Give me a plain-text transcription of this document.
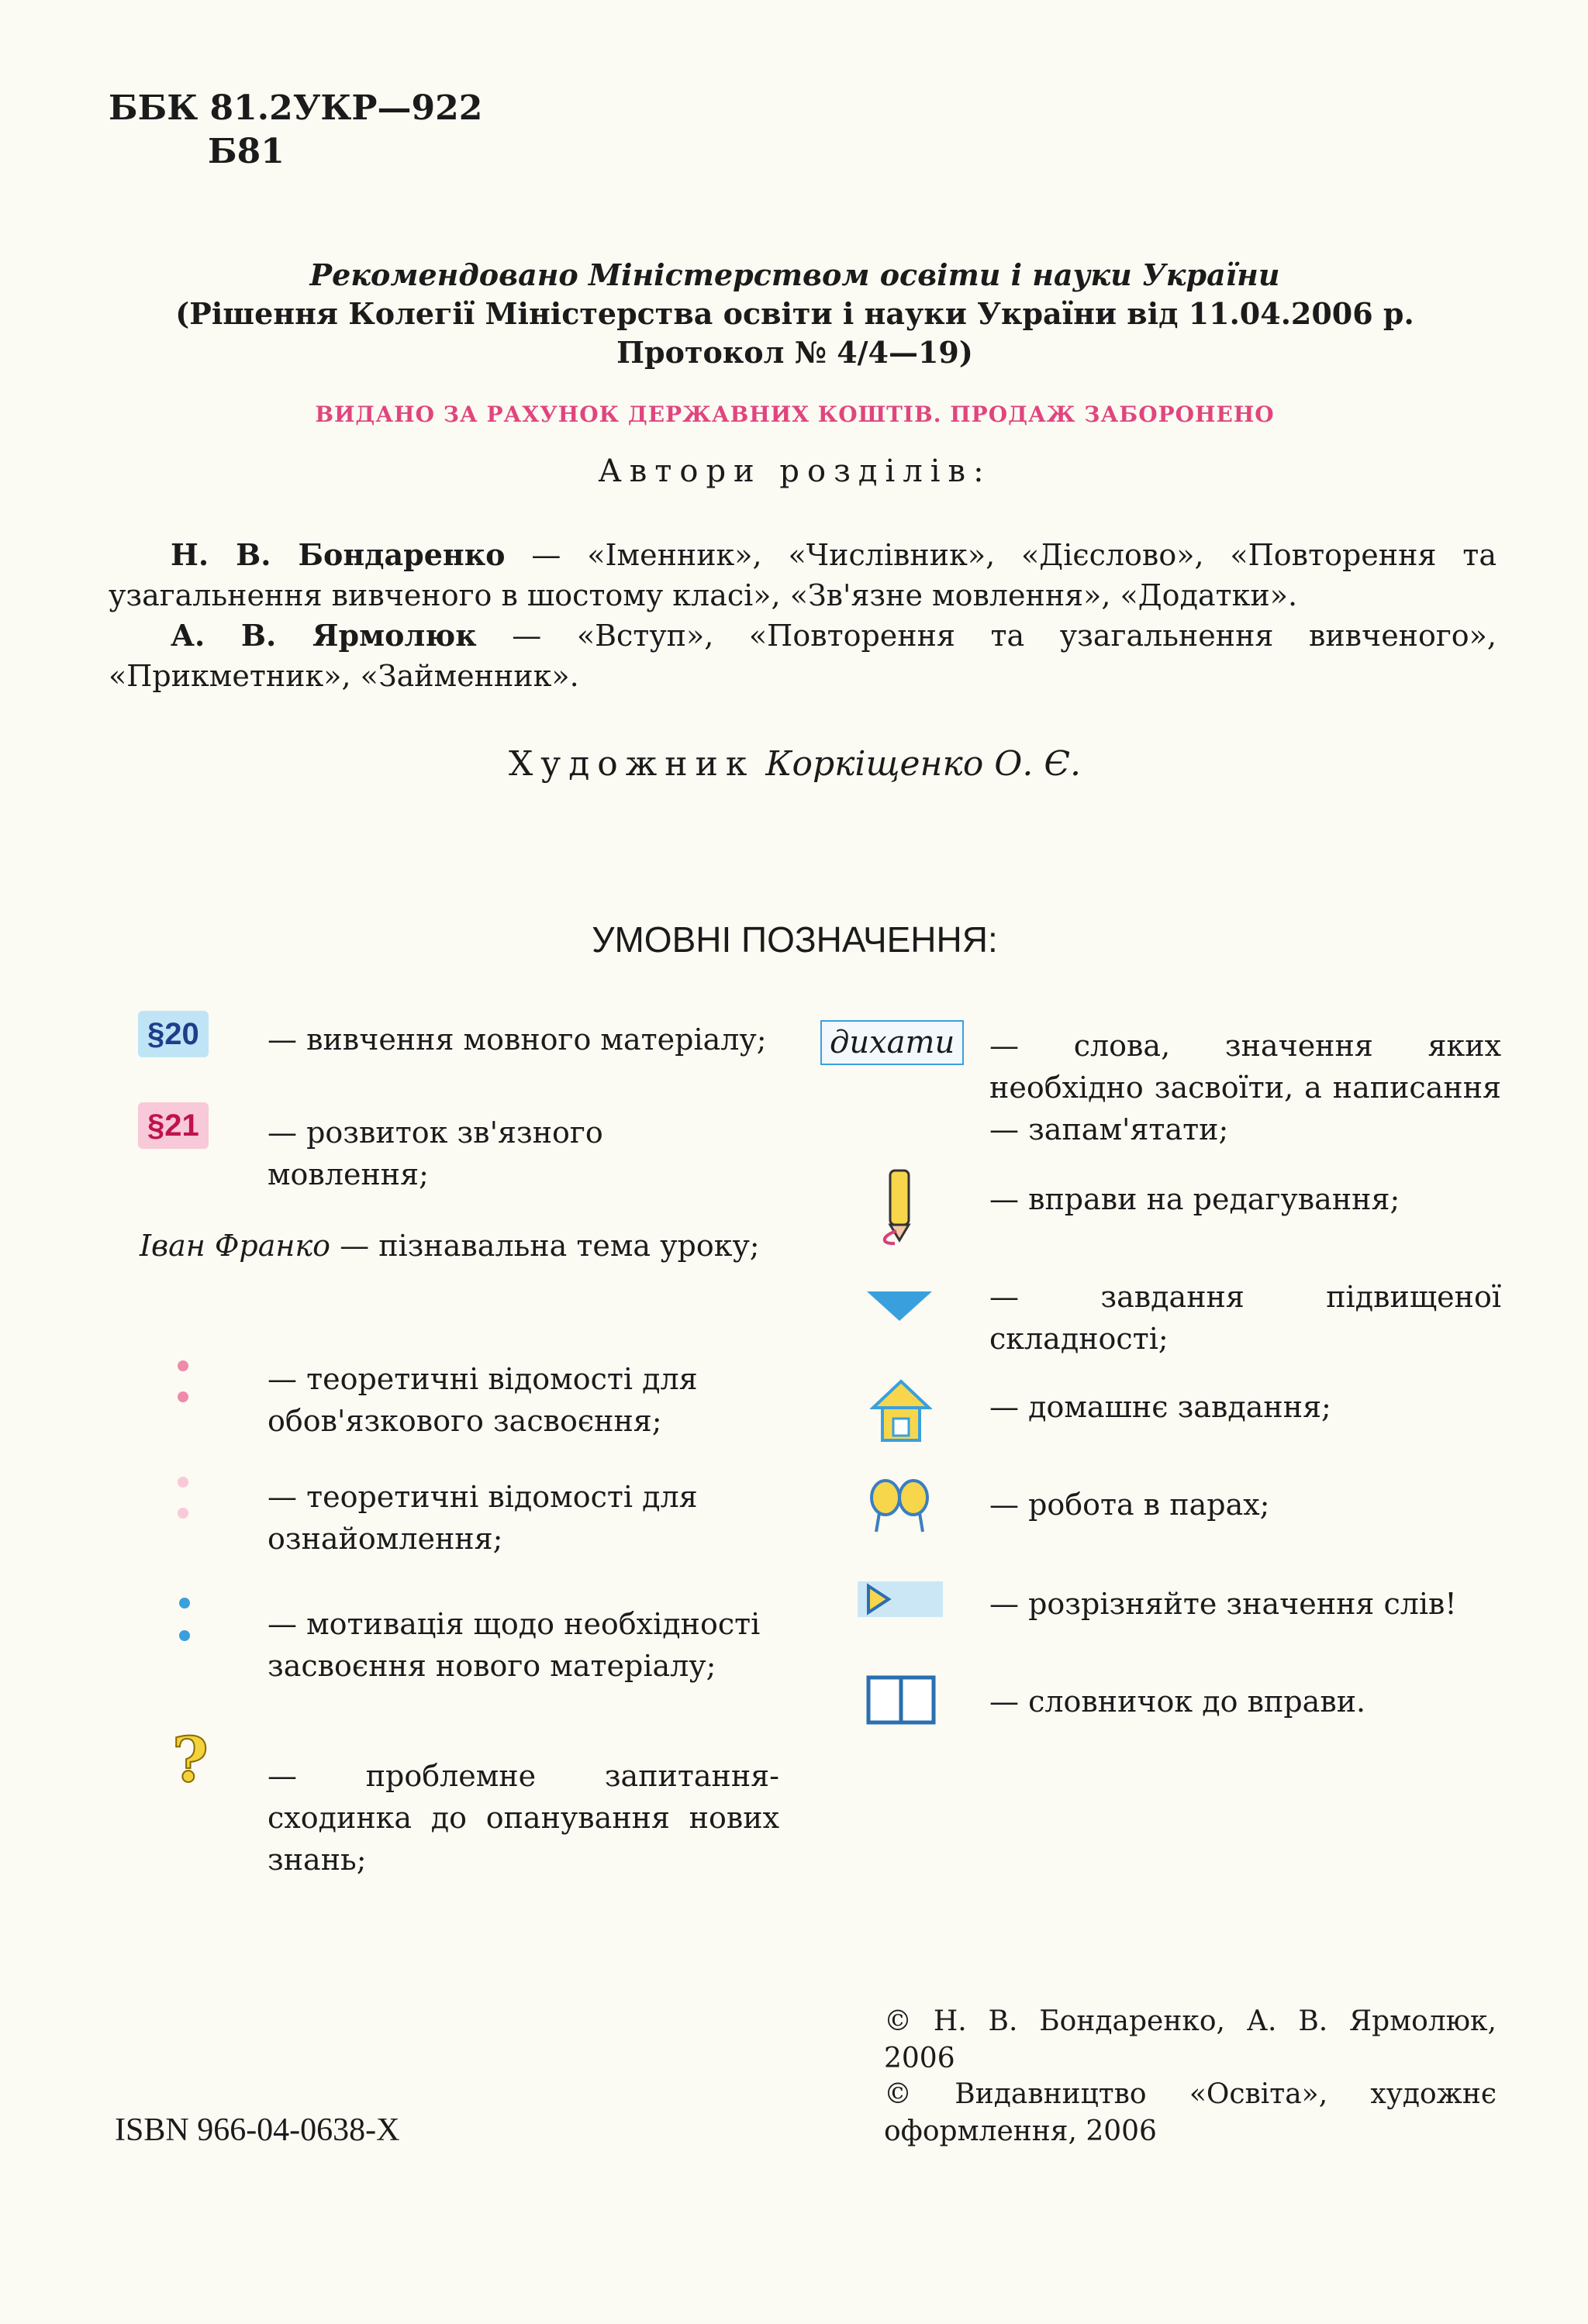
ББК 81.2УКР—922
Б81
Рекомендовано Міністерством освіти і науки України
(Рішення Колегії Міністерства освіти і науки України від 11.04.2006 р.
Протокол № 4/4—19)
ВИДАНО ЗА РАХУНОК ДЕРЖАВНИХ КОШТІВ. ПРОДАЖ ЗАБОРОНЕНО
Автори розділів:

Н. В. Бондаренко — «Іменник», «Числівник», «Дієслово», «Повторення та узагальнення вивченого в шостому класі», «Зв'язне мовлення», «Додатки».

А. В. Ярмолюк — «Вступ», «Повторення та узагальнення вивченого», «Прикметник», «Займенник».

Художник Коркіщенко О. Є.
УМОВНІ ПОЗНАЧЕННЯ:
§20	— вивчення мовного матеріалу;
§21	— розвиток зв'язного мовлення;
Іван Франко — пізнавальна тема уроку;
— теоретичні відомості для обов'язкового засвоєння;
— теоретичні відомості для ознайомлення;
— мотивація щодо необхідності засвоєння нового матеріалу;
? — проблемне запитання-сходинка до опанування нових знань;
дихати	— слова, значення яких необхідно засвоїти, а написання — запам'ятати;
— вправи на редагування;
— завдання підвищеної складності;
— домашнє завдання;
— робота в парах;
— розрізняйте значення слів!
— словничок до вправи.
© Н. В. Бондаренко, А. В. Ярмолюк, 2006
© Видавництво «Освіта», художнє оформлення, 2006
ISBN 966-04-0638-X
